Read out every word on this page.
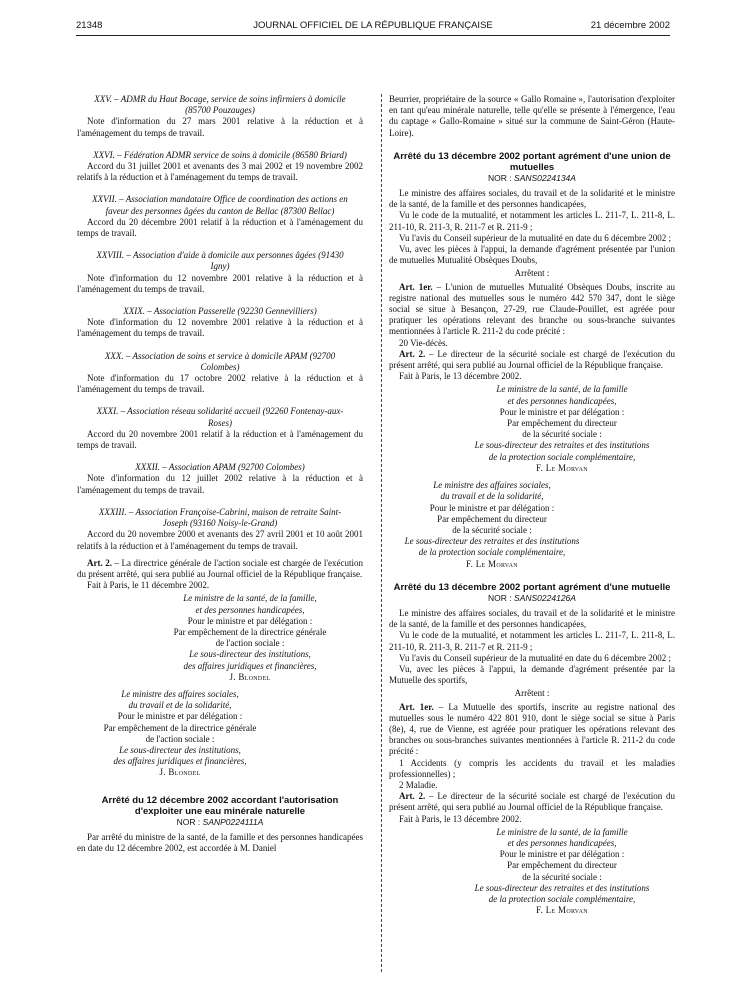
21348	JOURNAL OFFICIEL DE LA RÉPUBLIQUE FRANÇAISE	21 décembre 2002
XXV. – ADMR du Haut Bocage, service de soins infirmiers à domicile (85700 Pouzauges)
Note d'information du 27 mars 2001 relative à la réduction et à l'aménagement du temps de travail.
XXVI. – Fédération ADMR service de soins à domicile (86580 Briard)
Accord du 31 juillet 2001 et avenants des 3 mai 2002 et 19 novembre 2002 relatifs à la réduction et à l'aménagement du temps de travail.
XXVII. – Association mandataire Office de coordination des actions en faveur des personnes âgées du canton de Bellac (87300 Bellac)
Accord du 20 décembre 2001 relatif à la réduction et à l'aménagement du temps de travail.
XXVIII. – Association d'aide à domicile aux personnes âgées (91430 Igny)
Note d'information du 12 novembre 2001 relative à la réduction et à l'aménagement du temps de travail.
XXIX. – Association Passerelle (92230 Gennevilliers)
Note d'information du 12 novembre 2001 relative à la réduction et à l'aménagement du temps de travail.
XXX. – Association de soins et service à domicile APAM (92700 Colombes)
Note d'information du 17 octobre 2002 relative à la réduction et à l'aménagement du temps de travail.
XXXI. – Association réseau solidarité accueil (92260 Fontenay-aux-Roses)
Accord du 20 novembre 2001 relatif à la réduction et à l'aménagement du temps de travail.
XXXII. – Association APAM (92700 Colombes)
Note d'information du 12 juillet 2002 relative à la réduction et à l'aménagement du temps de travail.
XXXIII. – Association Françoise-Cabrini, maison de retraite Saint-Joseph (93160 Noisy-le-Grand)
Accord du 20 novembre 2000 et avenants des 27 avril 2001 et 10 août 2001 relatifs à la réduction et à l'aménagement du temps de travail.
Art. 2. – La directrice générale de l'action sociale est chargée de l'exécution du présent arrêté, qui sera publié au Journal officiel de la République française.
Fait à Paris, le 11 décembre 2002.
Le ministre de la santé, de la famille,
et des personnes handicapées,
Pour le ministre et par délégation :
Par empêchement de la directrice générale
de l'action sociale :
Le sous-directeur des institutions,
des affaires juridiques et financières,
J. Blondel
Le ministre des affaires sociales,
du travail et de la solidarité,
Pour le ministre et par délégation :
Par empêchement de la directrice générale
de l'action sociale :
Le sous-directeur des institutions,
des affaires juridiques et financières,
J. Blondel
Arrêté du 12 décembre 2002 accordant l'autorisation d'exploiter une eau minérale naturelle
NOR : SANP0224111A
Par arrêté du ministre de la santé, de la famille et des personnes handicapées en date du 12 décembre 2002, est accordée à M. Daniel
Beurrier, propriétaire de la source « Gallo Romaine », l'autorisation d'exploiter en tant qu'eau minérale naturelle, telle qu'elle se présente à l'émergence, l'eau du captage « Gallo-Romaine » situé sur la commune de Saint-Géron (Haute-Loire).
Arrêté du 13 décembre 2002 portant agrément d'une union de mutuelles
NOR : SANS0224134A
Le ministre des affaires sociales, du travail et de la solidarité et le ministre de la santé, de la famille et des personnes handicapées,
Vu le code de la mutualité, et notamment les articles L. 211-7, L. 211-8, L. 211-10, R. 211-3, R. 211-7 et R. 211-9 ;
Vu l'avis du Conseil supérieur de la mutualité en date du 6 décembre 2002 ;
Vu, avec les pièces à l'appui, la demande d'agrément présentée par l'union de mutuelles Mutualité Obsèques Doubs,
Arrêtent :
Art. 1er. – L'union de mutuelles Mutualité Obsèques Doubs, inscrite au registre national des mutuelles sous le numéro 442 570 347, dont le siège social se situe à Besançon, 27-29, rue Claude-Pouillet, est agréée pour pratiquer les opérations relevant des branche ou sous-branche suivantes mentionnées à l'article R. 211-2 du code précité :
20 Vie-décès.
Art. 2. – Le directeur de la sécurité sociale est chargé de l'exécution du présent arrêté, qui sera publié au Journal officiel de la République française.
Fait à Paris, le 13 décembre 2002.
Le ministre de la santé, de la famille
et des personnes handicapées,
Pour le ministre et par délégation :
Par empêchement du directeur
de la sécurité sociale :
Le sous-directeur des retraites et des institutions
de la protection sociale complémentaire,
F. Le Morvan
Le ministre des affaires sociales,
du travail et de la solidarité,
Pour le ministre et par délégation :
Par empêchement du directeur
de la sécurité sociale :
Le sous-directeur des retraites et des institutions
de la protection sociale complémentaire,
F. Le Morvan
Arrêté du 13 décembre 2002 portant agrément d'une mutuelle
NOR : SANS0224126A
Le ministre des affaires sociales, du travail et de la solidarité et le ministre de la santé, de la famille et des personnes handicapées,
Vu le code de la mutualité, et notamment les articles L. 211-7, L. 211-8, L. 211-10, R. 211-3, R. 211-7 et R. 211-9 ;
Vu l'avis du Conseil supérieur de la mutualité en date du 6 décembre 2002 ;
Vu, avec les pièces à l'appui, la demande d'agrément présentée par la Mutuelle des sportifs,
Arrêtent :
Art. 1er. – La Mutuelle des sportifs, inscrite au registre national des mutuelles sous le numéro 422 801 910, dont le siège social se situe à Paris (8e), 4, rue de Vienne, est agréée pour pratiquer les opérations relevant des branches ou sous-branches suivantes mentionnées à l'article R. 211-2 du code précité :
1 Accidents (y compris les accidents du travail et les maladies professionnelles) ;
2 Maladie.
Art. 2. – Le directeur de la sécurité sociale est chargé de l'exécution du présent arrêté, qui sera publié au Journal officiel de la République française.
Fait à Paris, le 13 décembre 2002.
Le ministre de la santé, de la famille
et des personnes handicapées,
Pour le ministre et par délégation :
Par empêchement du directeur
de la sécurité sociale :
Le sous-directeur des retraites et des institutions
de la protection sociale complémentaire,
F. Le Morvan
